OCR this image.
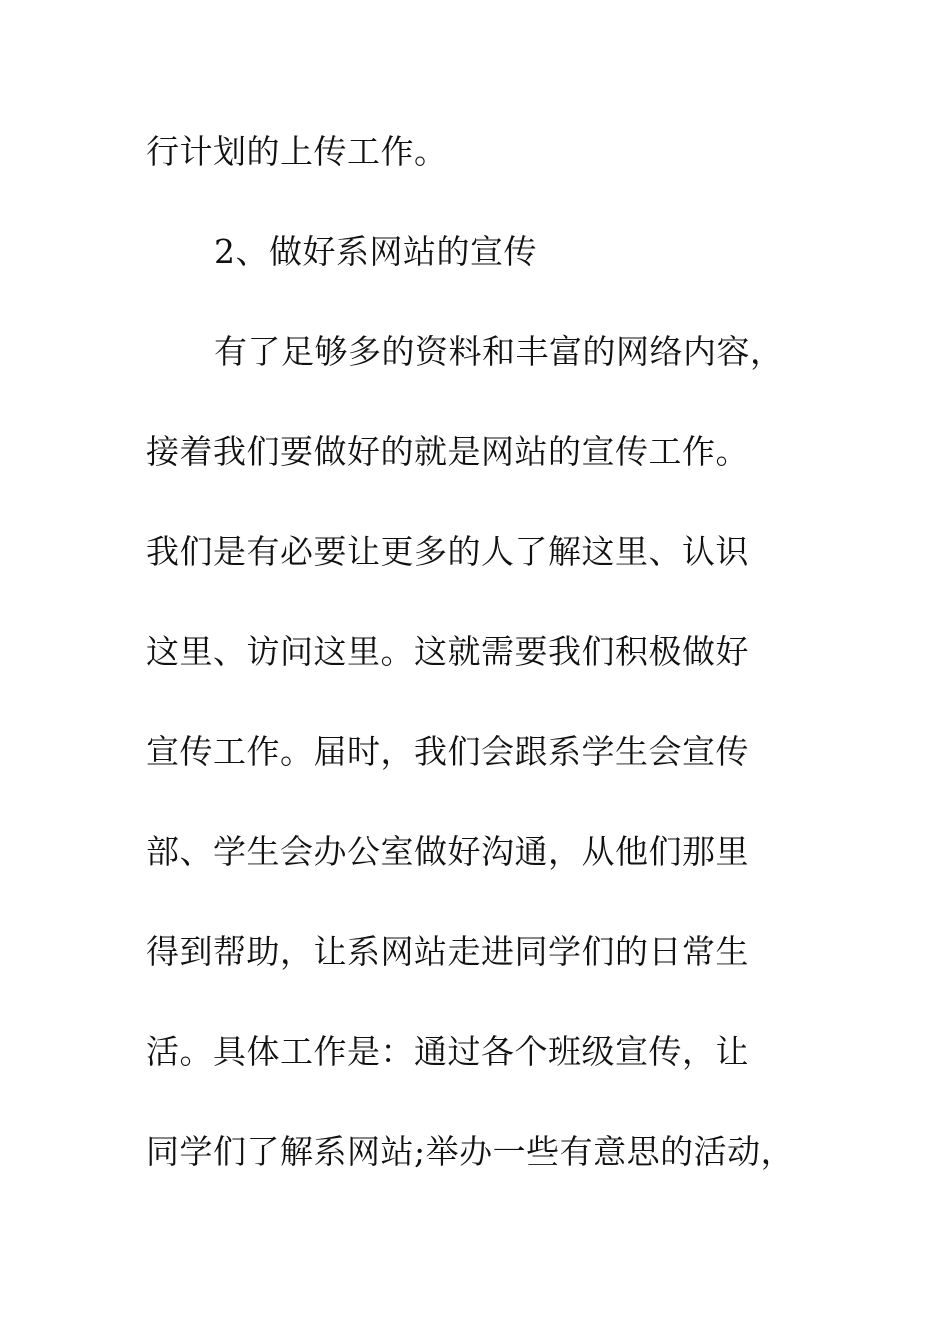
行计划的上传工作。

2、做好系网站的宣传

有了足够多的资料和丰富的网络内容，

接着我们要做好的就是网站的宣传工作。

我们是有必要让更多的人了解这里、认识

这里、访问这里。这就需要我们积极做好

宣传工作。届时，我们会跟系学生会宣传

部、学生会办公室做好沟通，从他们那里

得到帮助，让系网站走进同学们的日常生

活。具体工作是：通过各个班级宣传，让

同学们了解系网站;举办一些有意思的活动，
